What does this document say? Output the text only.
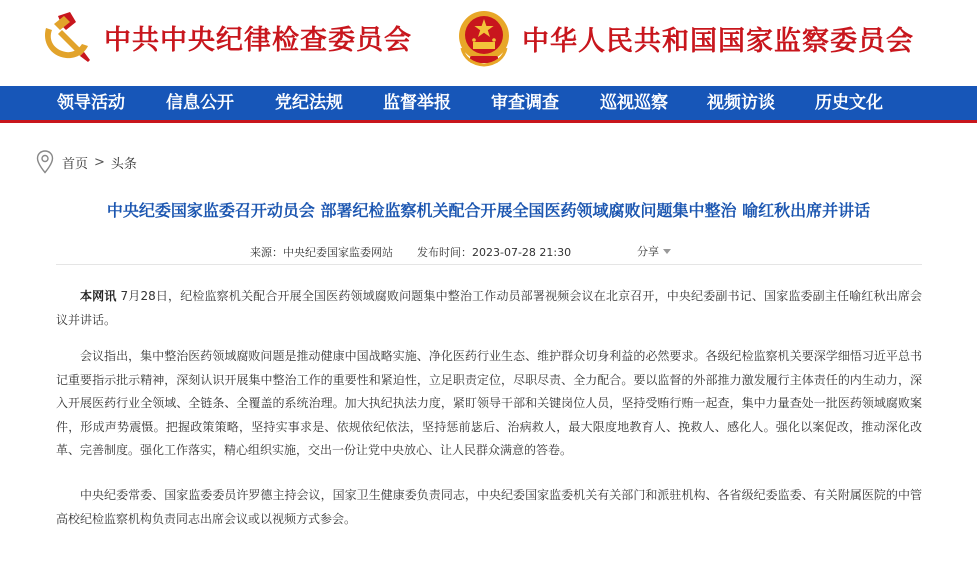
中共中央纪律检查委员会	中华人民共和国国家监察委员会
领导活动 信息公开 党纪法规 监督举报 审查调查 巡视巡察 视频访谈 历史文化
首页 > 头条
中央纪委国家监委召开动员会 部署纪检监察机关配合开展全国医药领域腐败问题集中整治 喻红秋出席并讲话
来源： 中央纪委国家监委网站 发布时间： 2023-07-28 21:30	分享

本网讯 7月28日，纪检监察机关配合开展全国医药领域腐败问题集中整治工作动员部署视频会议在北京召开，中央纪委副书记、国家监委副主任喻红秋出席会议并讲话。

会议指出，集中整治医药领域腐败问题是推动健康中国战略实施、净化医药行业生态、维护群众切身利益的必然要求。各级纪检监察机关要深学细悟习近平总书记重要指示批示精神，深刻认识开展集中整治工作的重要性和紧迫性，立足职责定位，尽职尽责、全力配合。要以监督的外部推力激发履行主体责任的内生动力，深入开展医药行业全领域、全链条、全覆盖的系统治理。加大执纪执法力度，紧盯领导干部和关键岗位人员，坚持受贿行贿一起查，集中力量查处一批医药领域腐败案件，形成声势震慑。把握政策策略，坚持实事求是、依规依纪依法，坚持惩前毖后、治病救人，最大限度地教育人、挽救人、感化人。强化以案促改，推动深化改革、完善制度。强化工作落实，精心组织实施，交出一份让党中央放心、让人民群众满意的答卷。

中央纪委常委、国家监委委员许罗德主持会议，国家卫生健康委负责同志，中央纪委国家监委机关有关部门和派驻机构、各省级纪委监委、有关附属医院的中管高校纪检监察机构负责同志出席会议或以视频方式参会。
